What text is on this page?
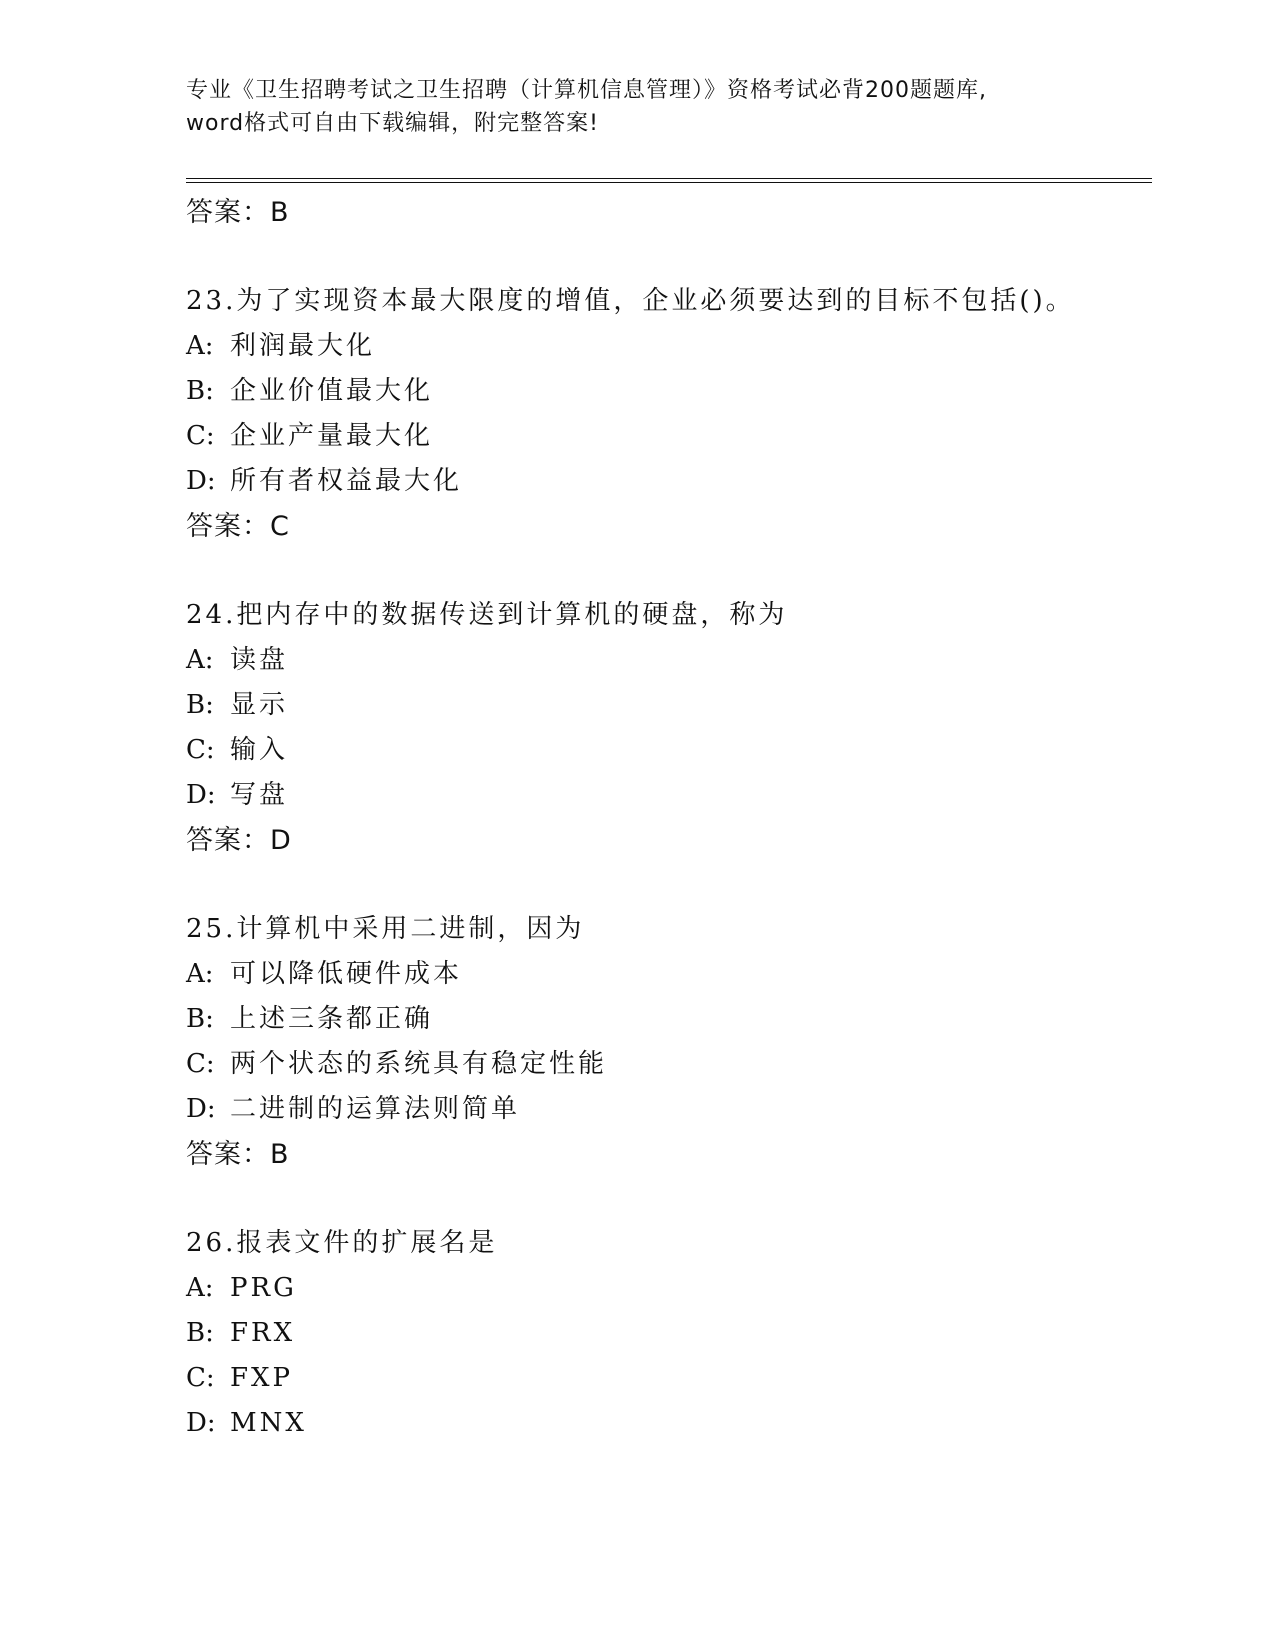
专业《卫生招聘考试之卫生招聘（计算机信息管理）》资格考试必背200题题库,
word格式可自由下载编辑，附完整答案!
答案：B
23.为了实现资本最大限度的增值，企业必须要达到的目标不包括()。
A: 利润最大化
B: 企业价值最大化
C: 企业产量最大化
D: 所有者权益最大化
答案：C
24.把内存中的数据传送到计算机的硬盘，称为
A: 读盘
B: 显示
C: 输入
D: 写盘
答案：D
25.计算机中采用二进制，因为
A: 可以降低硬件成本
B: 上述三条都正确
C: 两个状态的系统具有稳定性能
D: 二进制的运算法则简单
答案：B
26.报表文件的扩展名是
A: PRG
B: FRX
C: FXP
D: MNX
